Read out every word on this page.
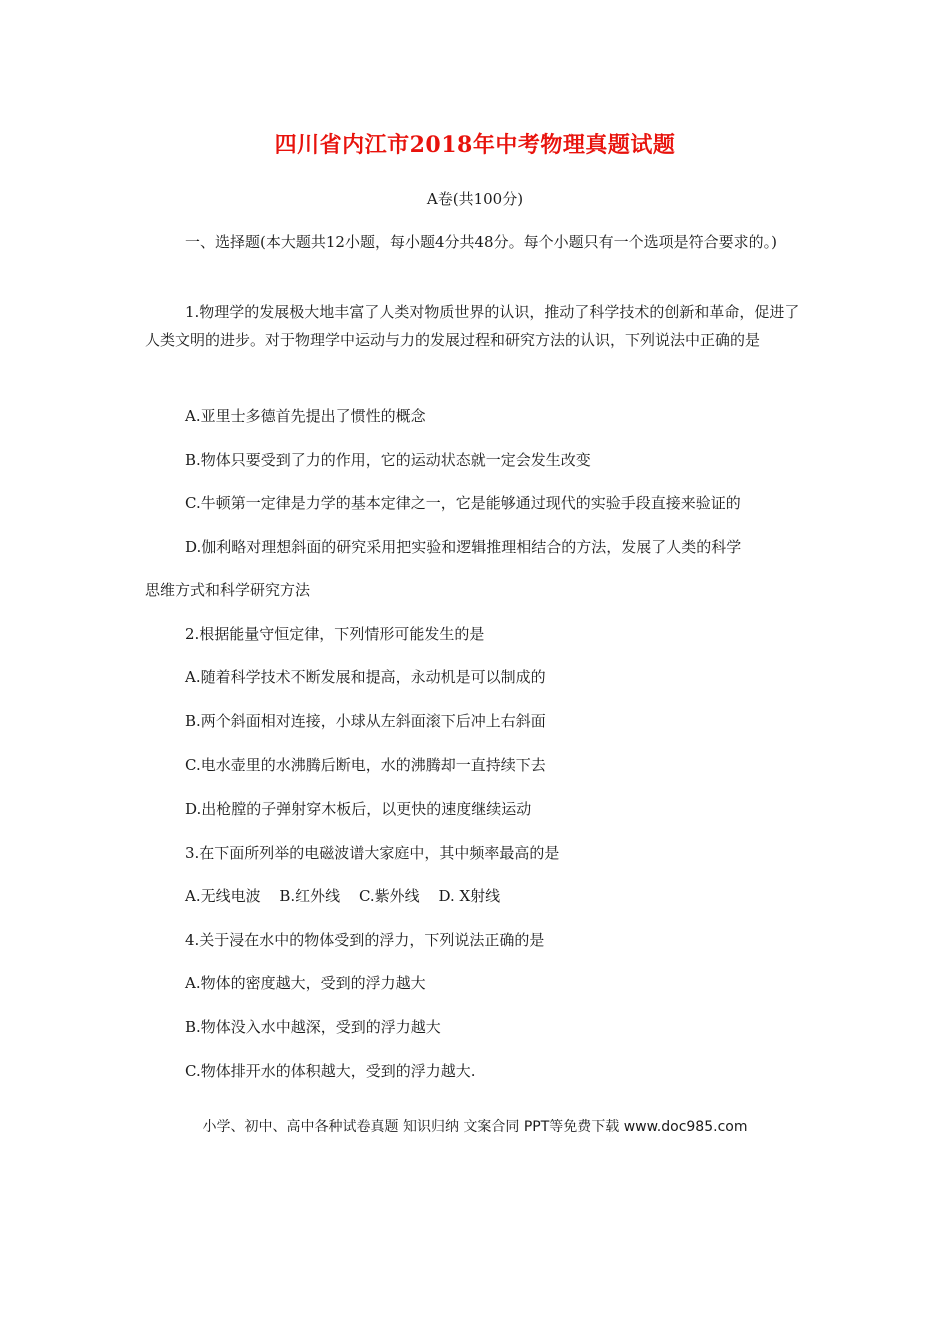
四川省内江市2018年中考物理真题试题
A卷(共100分)
一、选择题(本大题共12小题，每小题4分共48分。每个小题只有一个选项是符合要求的。)
1.物理学的发展极大地丰富了人类对物质世界的认识，推动了科学技术的创新和革命，促进了人类文明的进步。对于物理学中运动与力的发展过程和研究方法的认识，下列说法中正确的是
A.亚里士多德首先提出了惯性的概念
B.物体只要受到了力的作用，它的运动状态就一定会发生改变
C.牛顿第一定律是力学的基本定律之一，它是能够通过现代的实验手段直接来验证的
D.伽利略对理想斜面的研究采用把实验和逻辑推理相结合的方法，发展了人类的科学
思维方式和科学研究方法
2.根据能量守恒定律，下列情形可能发生的是
A.随着科学技术不断发展和提高，永动机是可以制成的
B.两个斜面相对连接，小球从左斜面滚下后冲上右斜面
C.电水壶里的水沸腾后断电，水的沸腾却一直持续下去
D.出枪膛的子弹射穿木板后，以更快的速度继续运动
3.在下面所列举的电磁波谱大家庭中，其中频率最高的是
A.无线电波 B.红外线 C.紫外线 D. X射线
4.关于浸在水中的物体受到的浮力，下列说法正确的是
A.物体的密度越大，受到的浮力越大
B.物体没入水中越深，受到的浮力越大
C.物体排开水的体积越大，受到的浮力越大.
小学、初中、高中各种试卷真题 知识归纳 文案合同 PPT等免费下载 www.doc985.com
